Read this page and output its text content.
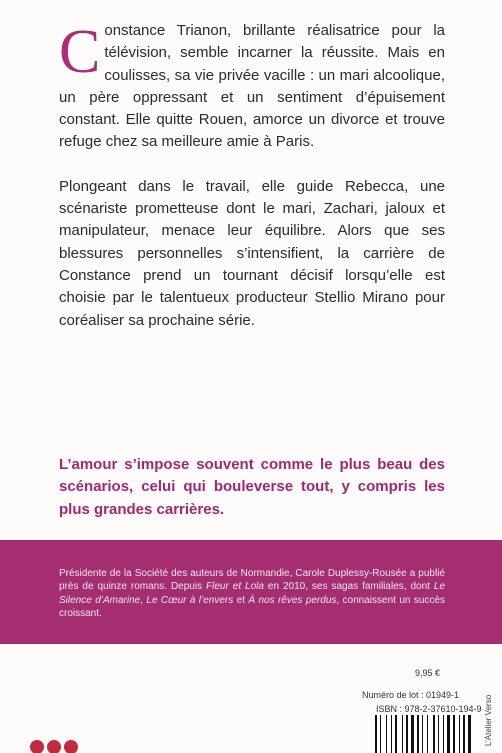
Constance Trianon, brillante réalisatrice pour la télévision, semble incarner la réussite. Mais en coulisses, sa vie privée vacille : un mari alcoolique, un père oppressant et un sentiment d’épuisement constant. Elle quitte Rouen, amorce un divorce et trouve refuge chez sa meilleure amie à Paris.

Plongeant dans le travail, elle guide Rebecca, une scénariste prometteuse dont le mari, Zachari, jaloux et manipulateur, menace leur équilibre. Alors que ses blessures personnelles s’intensifient, la carrière de Constance prend un tournant décisif lorsqu’elle est choisie par le talentueux producteur Stellio Mirano pour coréaliser sa prochaine série.

L’amour s’impose souvent comme le plus beau des scénarios, celui qui bouleverse tout, y compris les plus grandes carrières.

Présidente de la Société des auteurs de Normandie, Carole Duplessy-Rousée a publié près de quinze romans. Depuis Fleur et Lola en 2010, ses sagas familiales, dont Le Silence d’Amarine, Le Cœur à l’envers et À nos rêves perdus, connaissent un succès croissant.

9,95 €
Numéro de lot : 01949-1
ISBN : 978-2-37610-194-9 L’Atelier Verso
